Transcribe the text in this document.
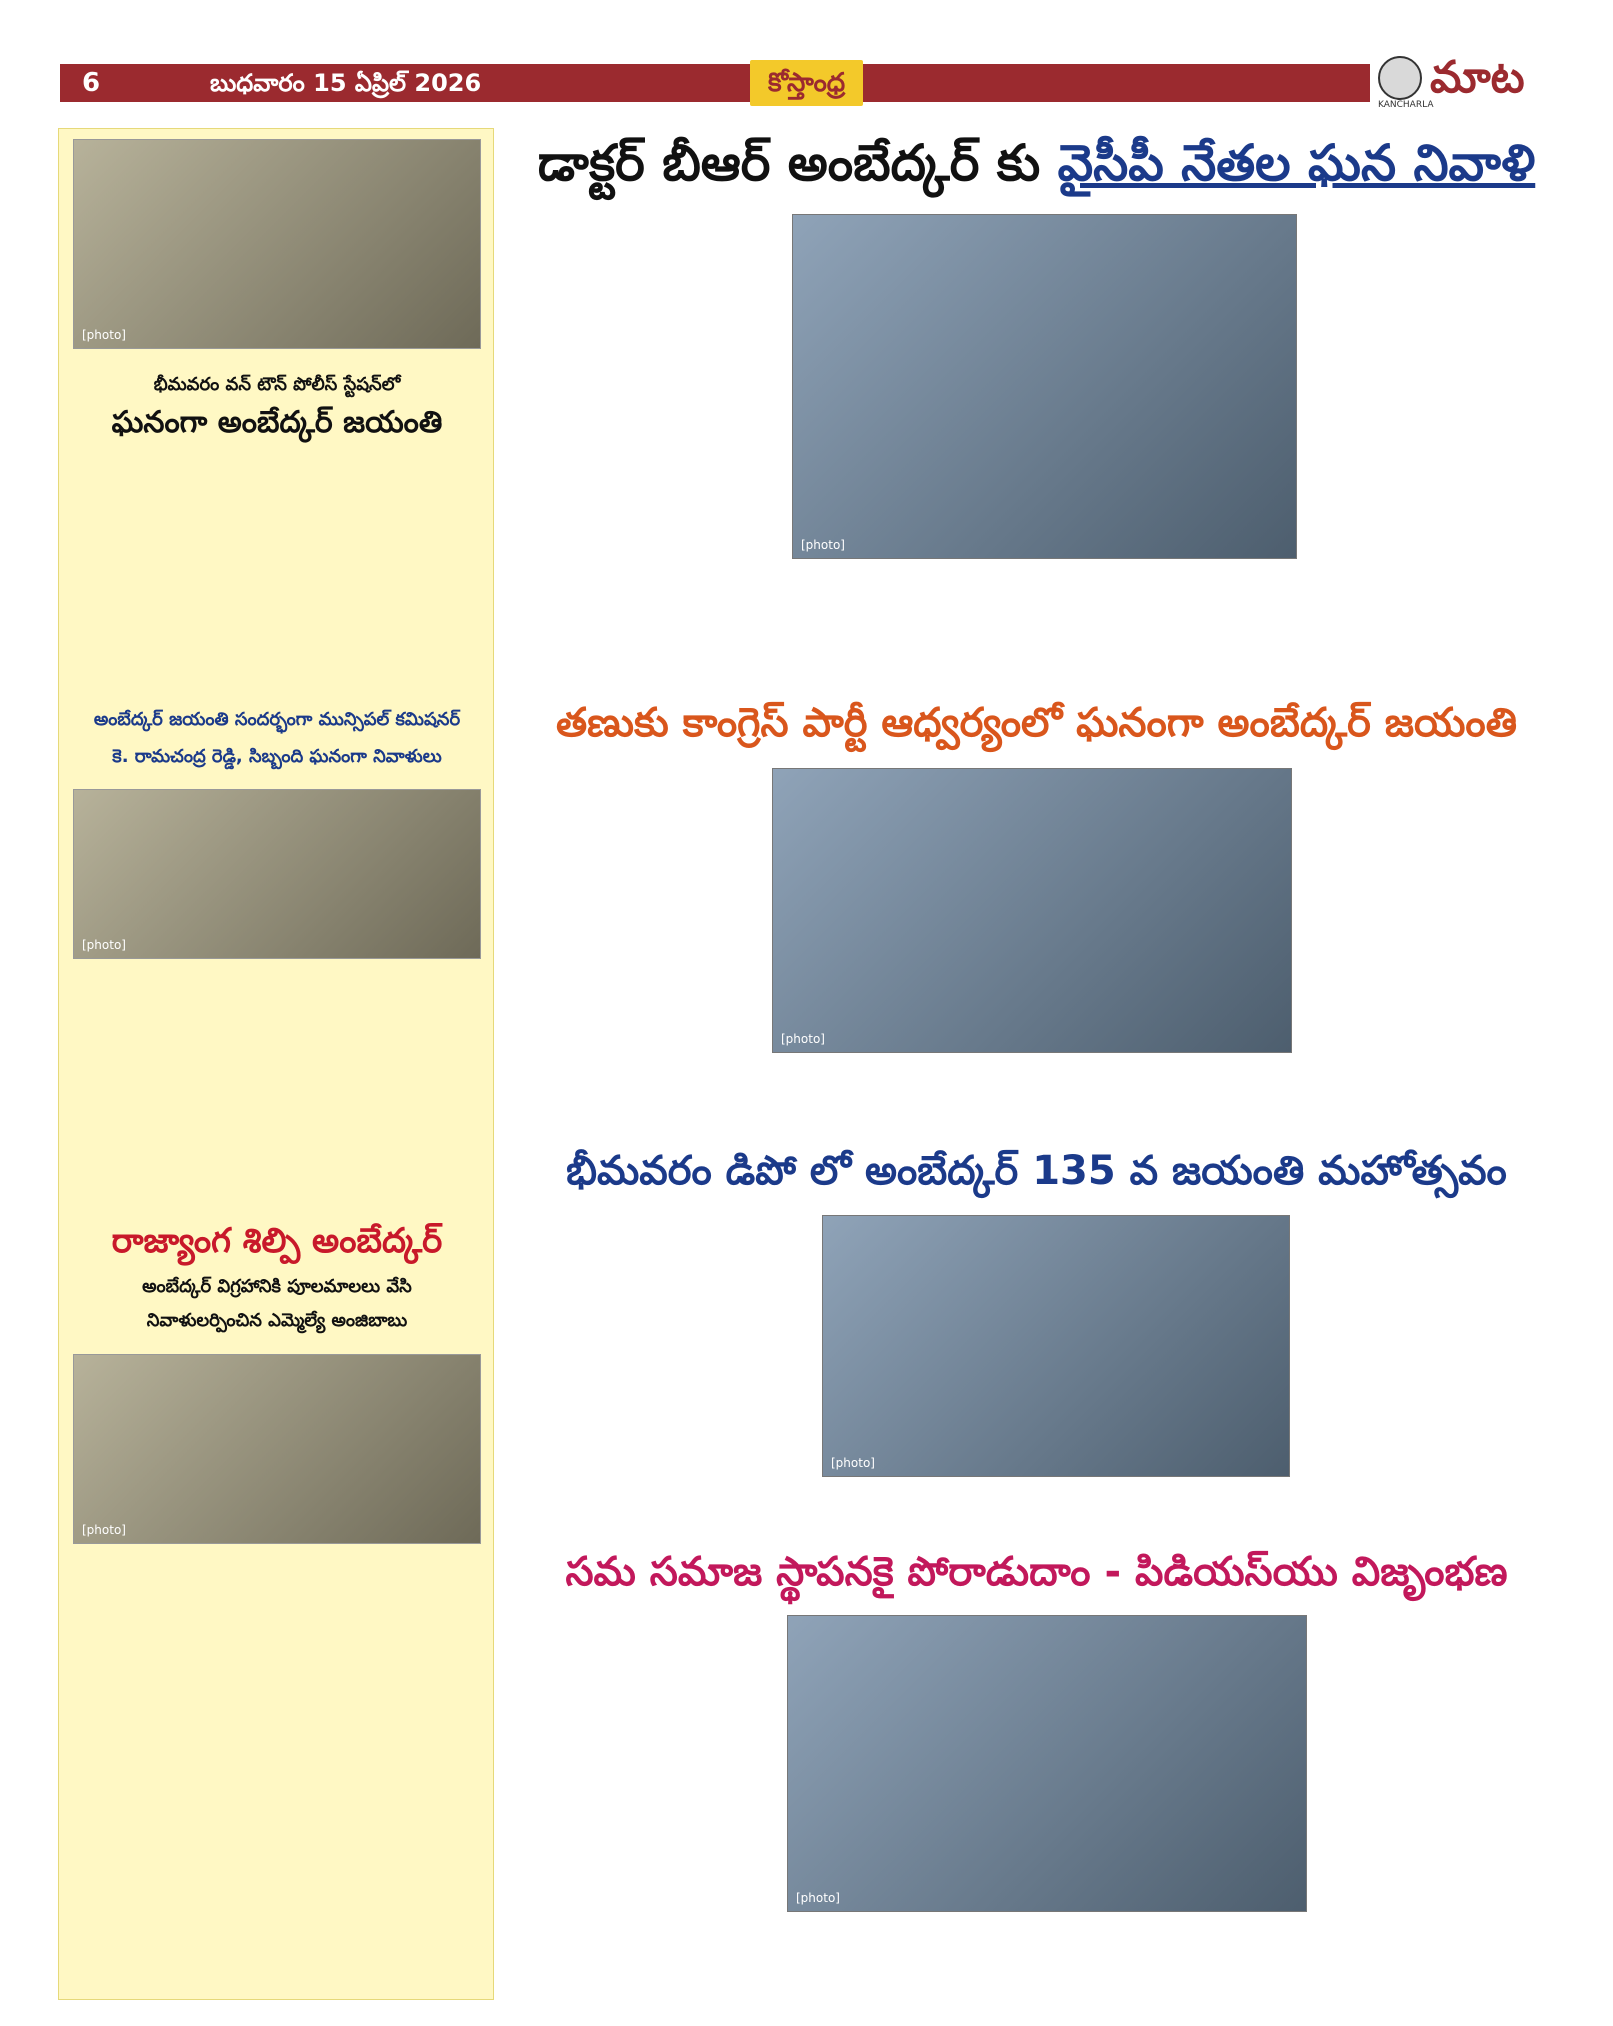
6	బుధవారం 15 ఏప్రిల్ 2026	కోస్తాంధ్ర	మాట
KANCHARLA
[photo]
భీమవరం వన్ టౌన్ పోలీస్ స్టేషన్‌లో
ఘనంగా అంబేద్కర్ జయంతి
అంబేద్కర్ జయంతి సందర్భంగా మున్సిపల్ కమిషనర్
కె. రామచంద్ర రెడ్డి, సిబ్బంది ఘనంగా నివాళులు
[photo]
రాజ్యాంగ శిల్పి అంబేద్కర్
అంబేద్కర్ విగ్రహానికి పూలమాలలు వేసి
నివాళులర్పించిన ఎమ్మెల్యే అంజిబాబు
[photo]
డాక్టర్ బీఆర్ అంబేద్కర్ కు వైసీపీ నేతల ఘన నివాళి
[photo]
తణుకు కాంగ్రెస్ పార్టీ ఆధ్వర్యంలో ఘనంగా అంబేద్కర్ జయంతి
[photo]
భీమవరం డిపో లో అంబేద్కర్ 135 వ జయంతి మహోత్సవం
[photo]
సమ సమాజ స్థాపనకై పోరాడుదాం - పిడియస్‌యు విజృంభణ
[photo]
